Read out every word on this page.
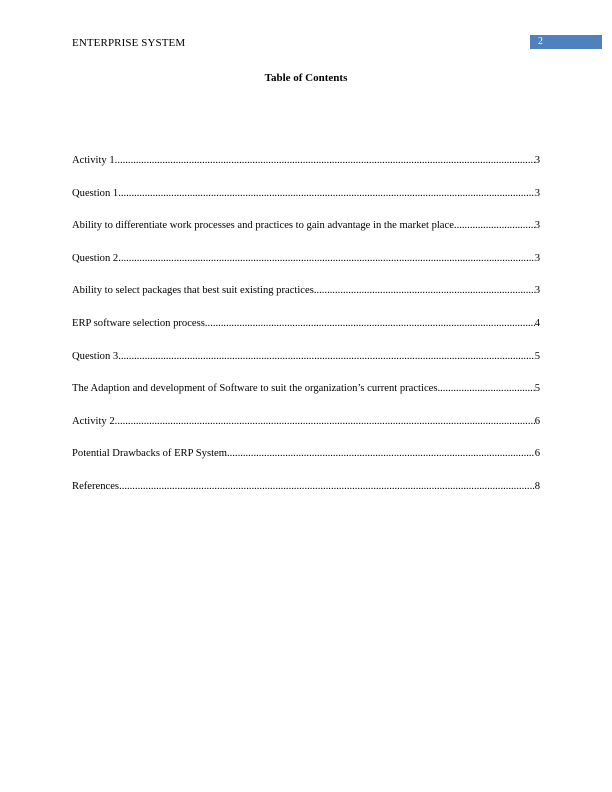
ENTERPRISE SYSTEM	2
Table of Contents
Activity 1 .....	3
Question 1 .....	3
Ability to differentiate work processes and practices to gain advantage in the market place .....	3
Question 2 .....	3
Ability to select packages that best suit existing practices .....	3
ERP software selection process .....	4
Question 3 .....	5
The Adaption and development of Software to suit the organization’s current practices .....	5
Activity 2 .....	6
Potential Drawbacks of ERP System .....	6
References .....	8
